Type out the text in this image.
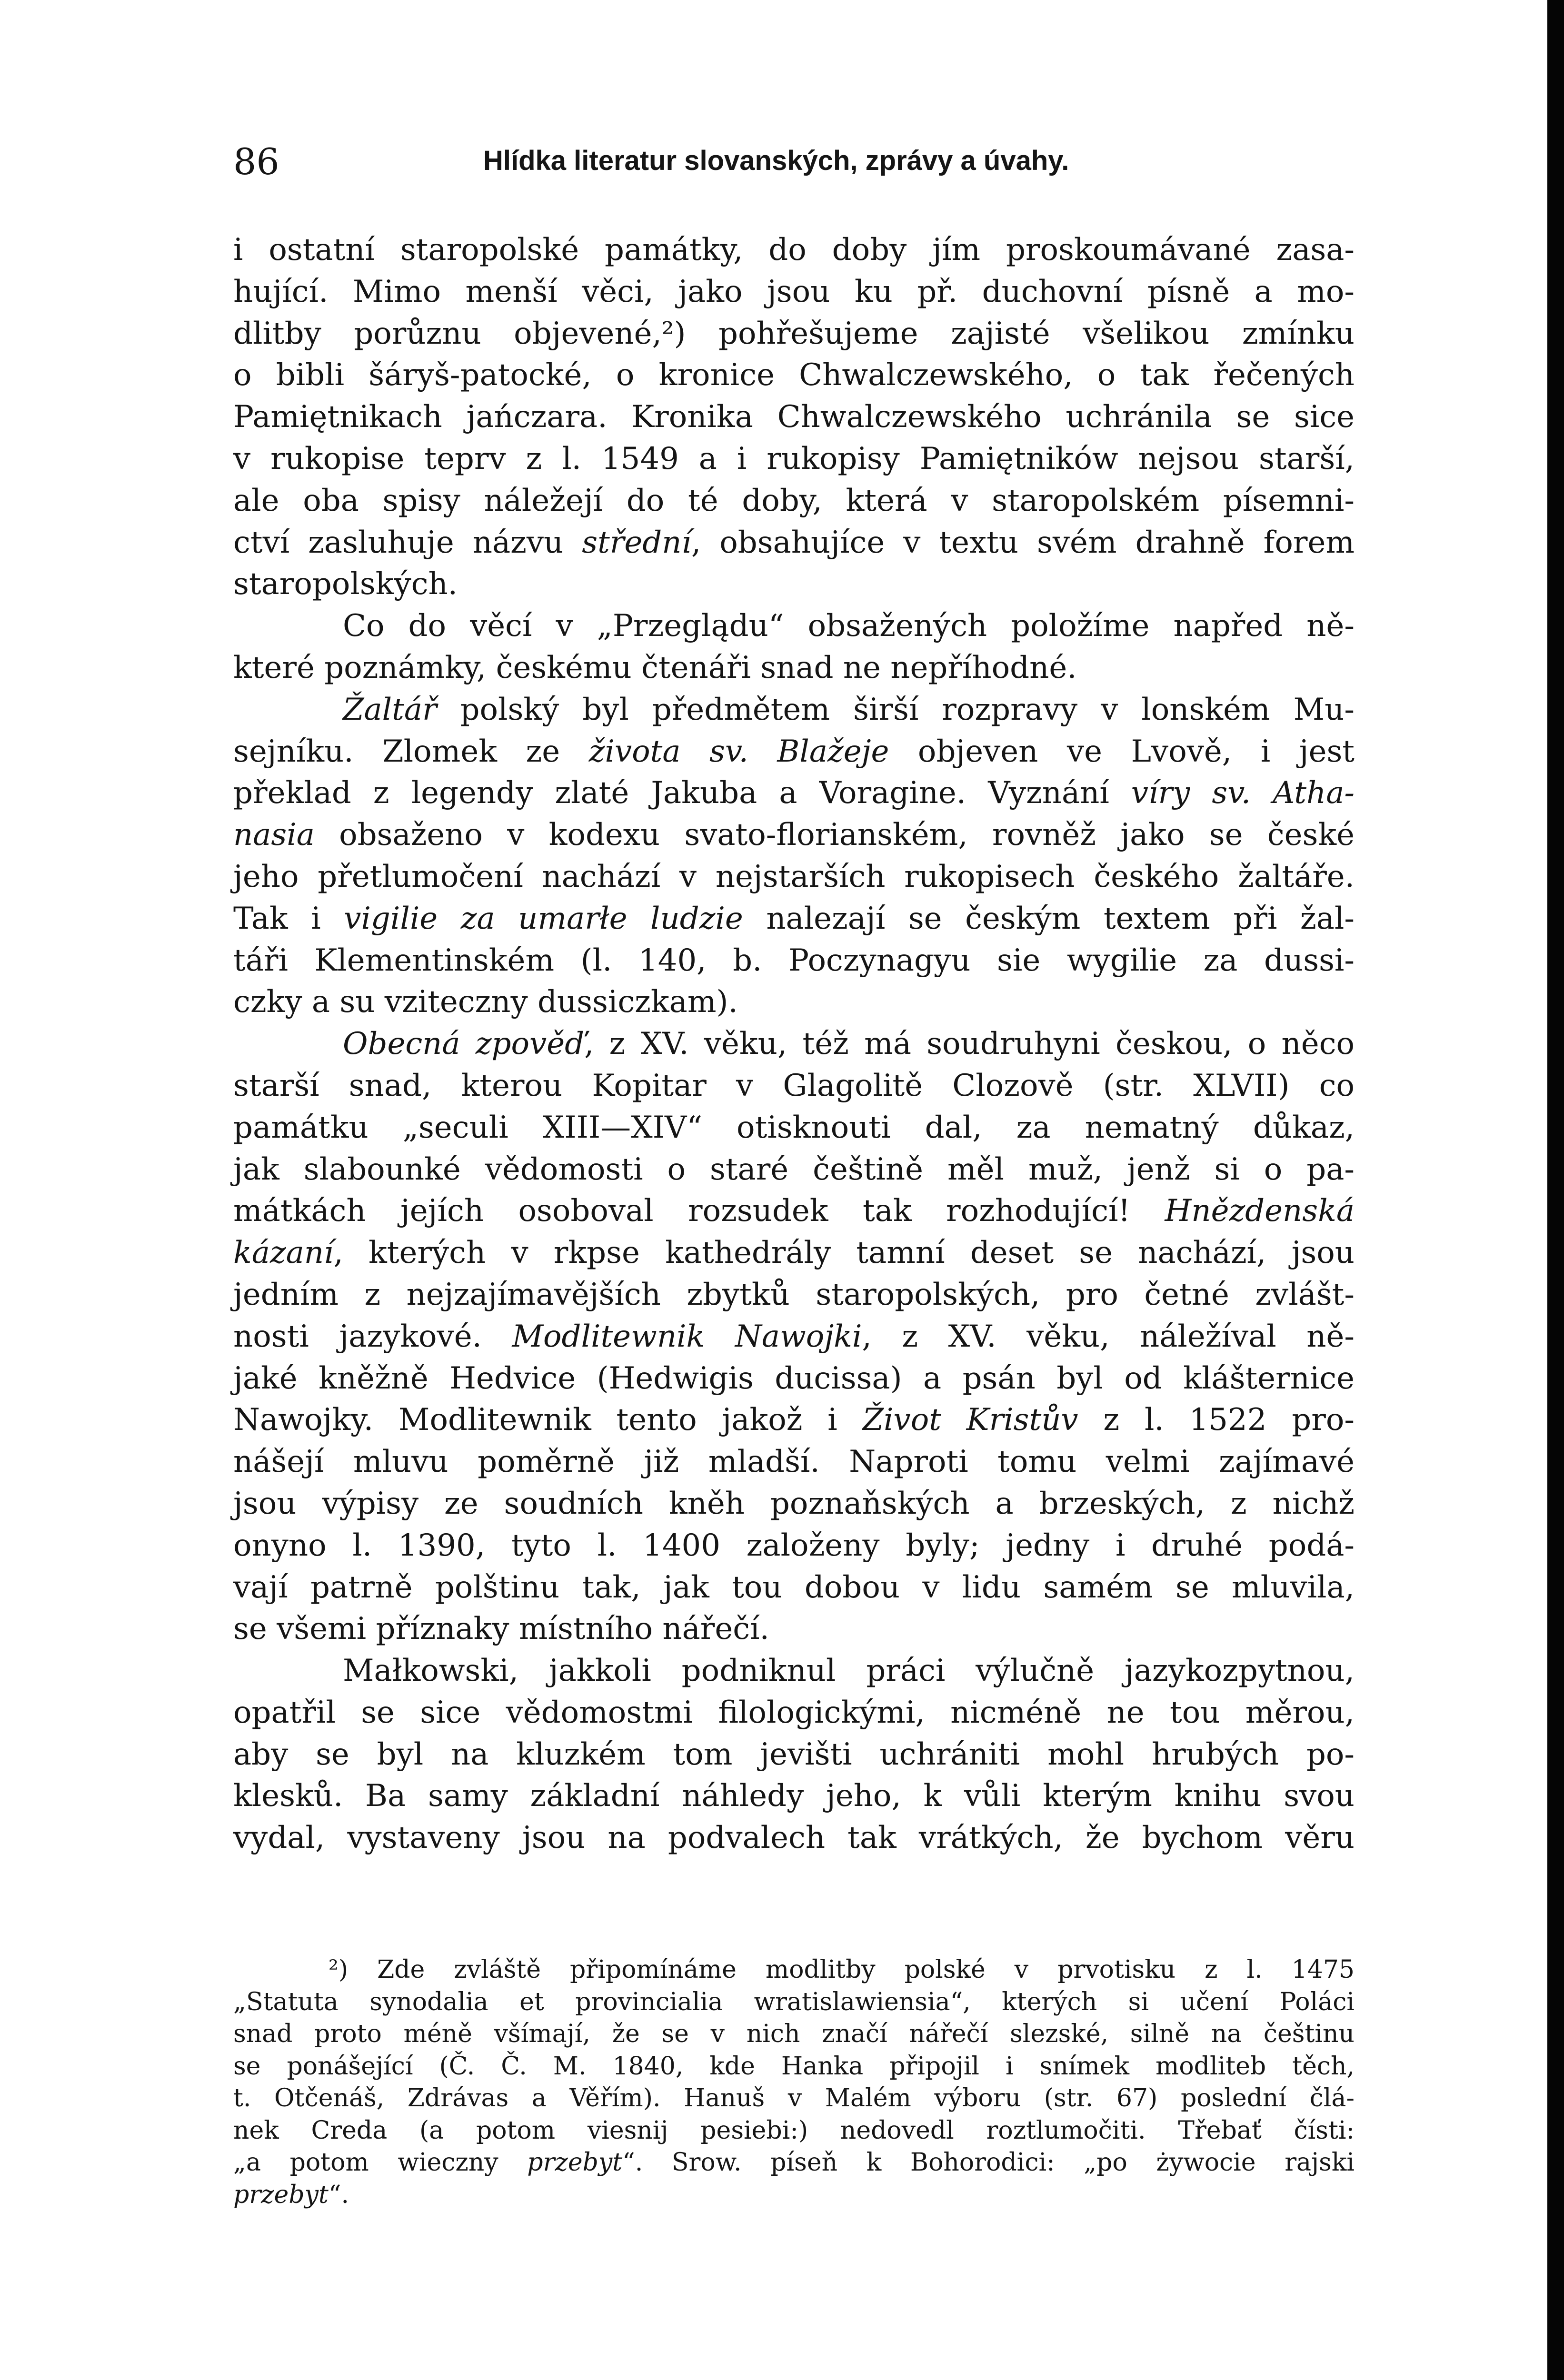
86	Hlídka literatur slovanských, zprávy a úvahy.
i ostatní staropolské památky, do doby jím proskoumávané zasa-
hující. Mimo menší věci, jako jsou ku př. duchovní písně a mo-
dlitby porůznu objevené,²) pohřešujeme zajisté všelikou zmínku
o bibli šáryš-patocké, o kronice Chwalczewského, o tak řečených
Pamiętnikach jańczara. Kronika Chwalczewského uchránila se sice
v rukopise teprv z l. 1549 a i rukopisy Pamiętników nejsou starší,
ale oba spisy náležejí do té doby, která v staropolském písemni-
ctví zasluhuje názvu střední, obsahujíce v textu svém drahně forem
staropolských.
Co do věcí v „Przeglądu“ obsažených položíme napřed ně-
které poznámky, českému čtenáři snad ne nepříhodné.
Žaltář polský byl předmětem širší rozpravy v lonském Mu-
sejníku. Zlomek ze života sv. Blažeje objeven ve Lvově, i jest
překlad z legendy zlaté Jakuba a Voragine. Vyznání víry sv. Atha-
nasia obsaženo v kodexu svato-florianském, rovněž jako se české
jeho přetlumočení nachází v nejstarších rukopisech českého žaltáře.
Tak i vigilie za umarłe ludzie nalezají se českým textem při žal-
táři Klementinském (l. 140, b. Poczynagyu sie wygilie za dussi-
czky a su vziteczny dussiczkam).
Obecná zpověď, z XV. věku, též má soudruhyni českou, o něco
starší snad, kterou Kopitar v Glagolitě Clozově (str. XLVII) co
památku „seculi XIII—XIV“ otisknouti dal, za nematný důkaz,
jak slabounké vědomosti o staré češtině měl muž, jenž si o pa-
mátkách jejích osoboval rozsudek tak rozhodující! Hnězdenská
kázaní, kterých v rkpse kathedrály tamní deset se nachází, jsou
jedním z nejzajímavějších zbytků staropolských, pro četné zvlášt-
nosti jazykové. Modlitewnik Nawojki, z XV. věku, náležíval ně-
jaké kněžně Hedvice (Hedwigis ducissa) a psán byl od klášternice
Nawojky. Modlitewnik tento jakož i Život Kristův z l. 1522 pro-
nášejí mluvu poměrně již mladší. Naproti tomu velmi zajímavé
jsou výpisy ze soudních kněh poznaňských a brzeských, z nichž
onyno l. 1390, tyto l. 1400 založeny byly; jedny i druhé podá-
vají patrně polštinu tak, jak tou dobou v lidu samém se mluvila,
se všemi příznaky místního nářečí.
Małkowski, jakkoli podniknul práci výlučně jazykozpytnou,
opatřil se sice vědomostmi filologickými, nicméně ne tou měrou,
aby se byl na kluzkém tom jevišti uchrániti mohl hrubých po-
klesků. Ba samy základní náhledy jeho, k vůli kterým knihu svou
vydal, vystaveny jsou na podvalech tak vrátkých, že bychom věru
²) Zde zvláště připomínáme modlitby polské v prvotisku z l. 1475
„Statuta synodalia et provincialia wratislawiensia“, kterých si učení Poláci
snad proto méně všímají, že se v nich značí nářečí slezské, silně na češtinu
se ponášející (Č. Č. M. 1840, kde Hanka připojil i snímek modliteb těch,
t. Otčenáš, Zdrávas a Věřím). Hanuš v Malém výboru (str. 67) poslední člá-
nek Creda (a potom viesnij pesiebi:) nedovedl roztlumočiti. Třebať čísti:
„a potom wieczny przebyt“. Srow. píseň k Bohorodici: „po żywocie rajski
przebyt“.
